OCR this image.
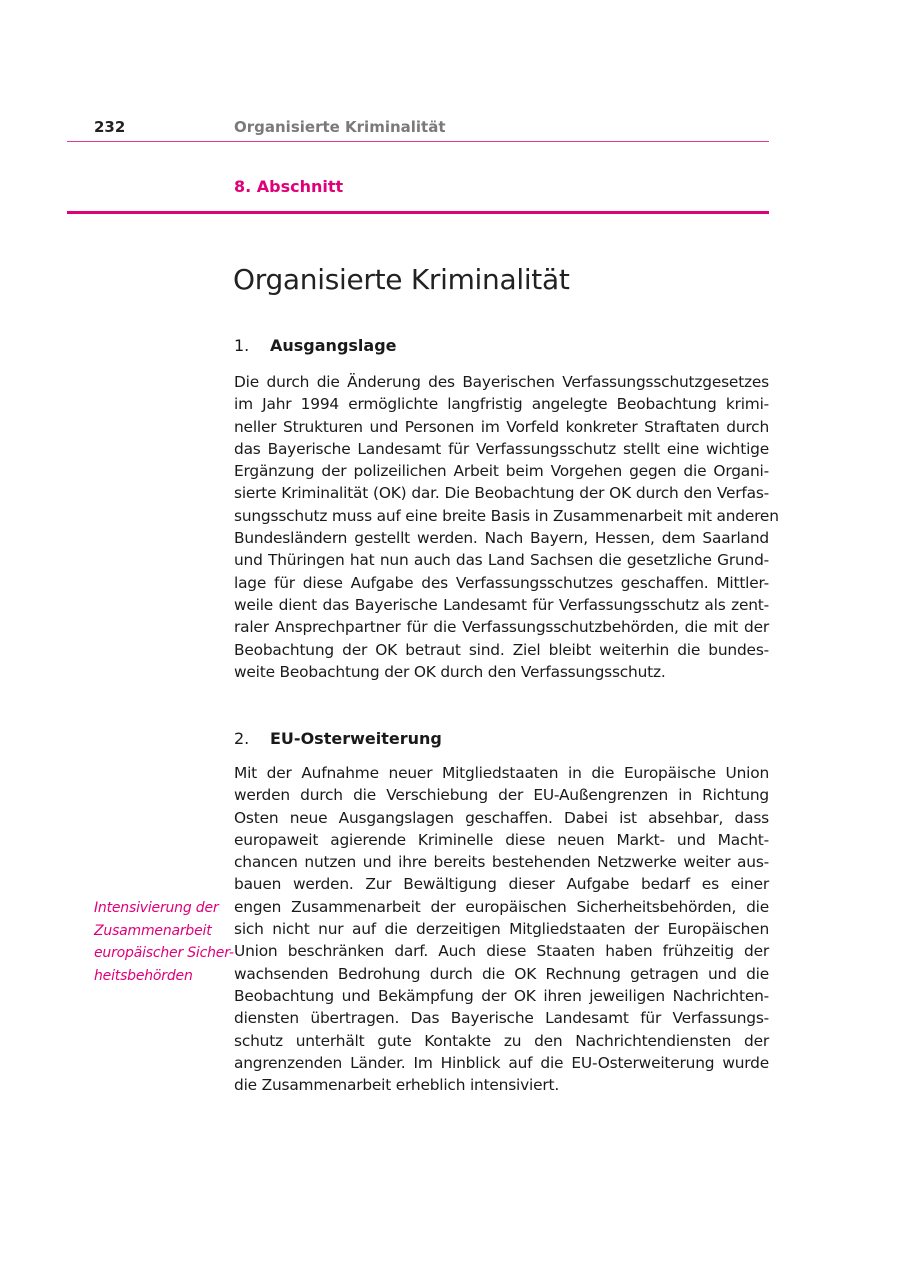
232	Organisierte Kriminalität
8. Abschnitt
Organisierte Kriminalität
1. Ausgangslage

Die durch die Änderung des Bayerischen Verfassungsschutzgesetzes
im Jahr 1994 ermöglichte langfristig angelegte Beobachtung krimi-
neller Strukturen und Personen im Vorfeld konkreter Straftaten durch
das Bayerische Landesamt für Verfassungsschutz stellt eine wichtige
Ergänzung der polizeilichen Arbeit beim Vorgehen gegen die Organi-
sierte Kriminalität (OK) dar. Die Beobachtung der OK durch den Verfas-
sungsschutz muss auf eine breite Basis in Zusammenarbeit mit anderen
Bundesländern gestellt werden. Nach Bayern, Hessen, dem Saarland
und Thüringen hat nun auch das Land Sachsen die gesetzliche Grund-
lage für diese Aufgabe des Verfassungsschutzes geschaffen. Mittler-
weile dient das Bayerische Landesamt für Verfassungsschutz als zent-
raler Ansprechpartner für die Verfassungsschutzbehörden, die mit der
Beobachtung der OK betraut sind. Ziel bleibt weiterhin die bundes-
weite Beobachtung der OK durch den Verfassungsschutz.

2. EU-Osterweiterung

Mit der Aufnahme neuer Mitgliedstaaten in die Europäische Union
werden durch die Verschiebung der EU-Außengrenzen in Richtung
Osten neue Ausgangslagen geschaffen. Dabei ist absehbar, dass
europaweit agierende Kriminelle diese neuen Markt- und Macht-
chancen nutzen und ihre bereits bestehenden Netzwerke weiter aus-
bauen werden. Zur Bewältigung dieser Aufgabe bedarf es einer
engen Zusammenarbeit der europäischen Sicherheitsbehörden, die
sich nicht nur auf die derzeitigen Mitgliedstaaten der Europäischen
Union beschränken darf. Auch diese Staaten haben frühzeitig der
wachsenden Bedrohung durch die OK Rechnung getragen und die
Beobachtung und Bekämpfung der OK ihren jeweiligen Nachrichten-
diensten übertragen. Das Bayerische Landesamt für Verfassungs-
schutz unterhält gute Kontakte zu den Nachrichtendiensten der
angrenzenden Länder. Im Hinblick auf die EU-Osterweiterung wurde
die Zusammenarbeit erheblich intensiviert.

Intensivierung der
Zusammenarbeit
europäischer Sicher-
heitsbehörden
